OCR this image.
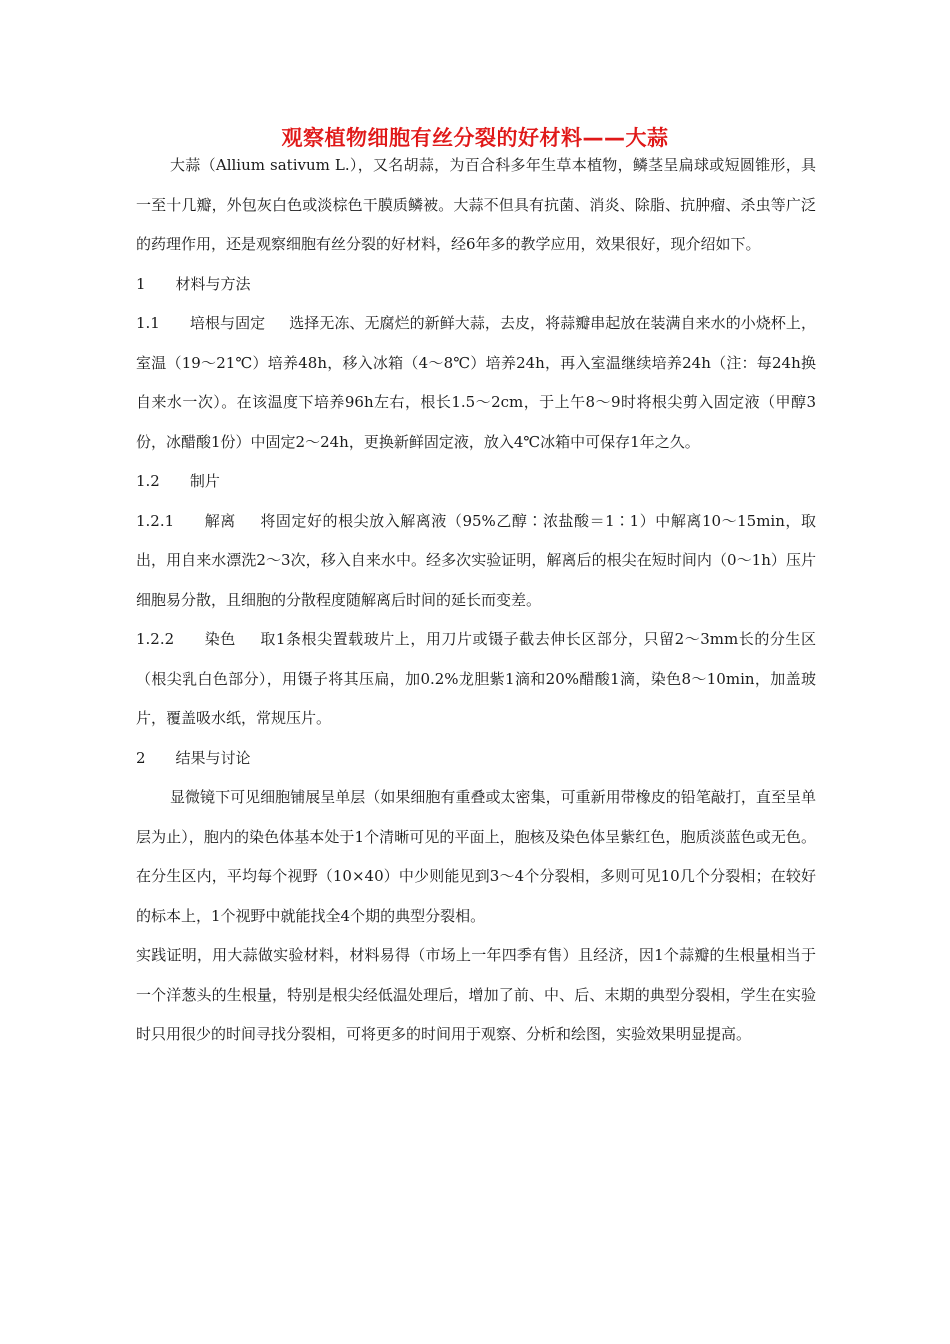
观察植物细胞有丝分裂的好材料——大蒜

大蒜（Allium sativum L.），又名胡蒜，为百合科多年生草本植物，鳞茎呈扁球或短圆锥形，具一至十几瓣，外包灰白色或淡棕色干膜质鳞被。大蒜不但具有抗菌、消炎、除脂、抗肿瘤、杀虫等广泛的药理作用，还是观察细胞有丝分裂的好材料，经6年多的教学应用，效果很好，现介绍如下。

1 材料与方法

1.1 培根与固定 选择无冻、无腐烂的新鲜大蒜，去皮，将蒜瓣串起放在装满自来水的小烧杯上，室温（19～21℃）培养48h，移入冰箱（4～8℃）培养24h，再入室温继续培养24h（注：每24h换自来水一次）。在该温度下培养96h左右，根长1.5～2cm，于上午8～9时将根尖剪入固定液（甲醇3份，冰醋酸1份）中固定2～24h，更换新鲜固定液，放入4℃冰箱中可保存1年之久。

1.2 制片

1.2.1 解离 将固定好的根尖放入解离液（95%乙醇∶浓盐酸＝1∶1）中解离10～15min，取出，用自来水漂洗2～3次，移入自来水中。经多次实验证明，解离后的根尖在短时间内（0～1h）压片细胞易分散，且细胞的分散程度随解离后时间的延长而变差。

1.2.2 染色 取1条根尖置载玻片上，用刀片或镊子截去伸长区部分，只留2～3mm长的分生区（根尖乳白色部分），用镊子将其压扁，加0.2%龙胆紫1滴和20%醋酸1滴，染色8～10min，加盖玻片，覆盖吸水纸，常规压片。

2 结果与讨论

显微镜下可见细胞铺展呈单层（如果细胞有重叠或太密集，可重新用带橡皮的铅笔敲打，直至呈单层为止），胞内的染色体基本处于1个清晰可见的平面上，胞核及染色体呈紫红色，胞质淡蓝色或无色。在分生区内，平均每个视野（10×40）中少则能见到3～4个分裂相，多则可见10几个分裂相；在较好的标本上，1个视野中就能找全4个期的典型分裂相。

实践证明，用大蒜做实验材料，材料易得（市场上一年四季有售）且经济，因1个蒜瓣的生根量相当于一个洋葱头的生根量，特别是根尖经低温处理后，增加了前、中、后、末期的典型分裂相，学生在实验时只用很少的时间寻找分裂相，可将更多的时间用于观察、分析和绘图，实验效果明显提高。
